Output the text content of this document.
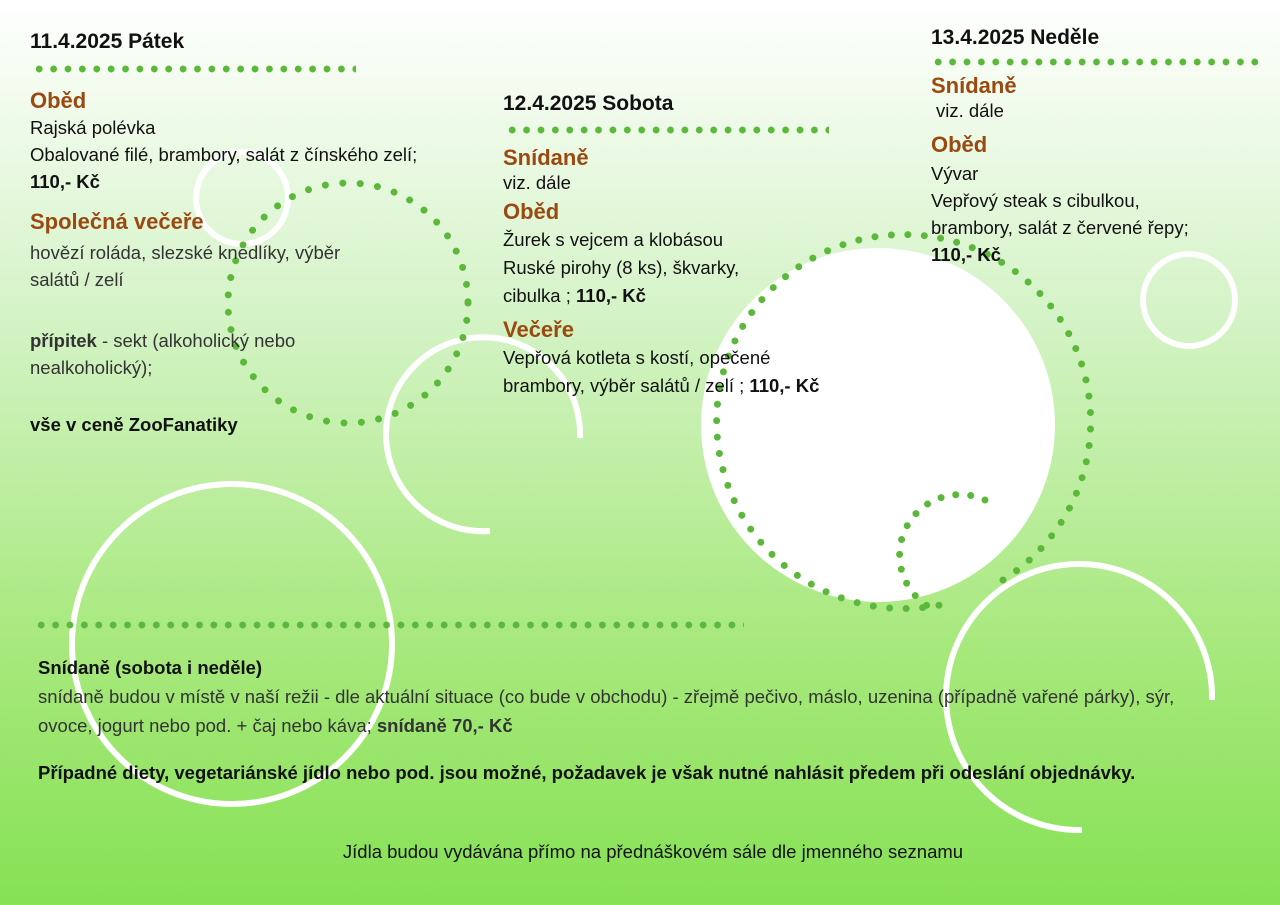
11.4.2025 Pátek
Oběd
Rajská polévka
Obalované filé, brambory, salát z čínského zelí; 110,- Kč
Společná večeře
hovězí roláda, slezské knedlíky, výběr
salátů / zelí
přípitek - sekt (alkoholický nebo
nealkoholický);
vše v ceně ZooFanatiky
12.4.2025 Sobota
Snídaně
viz. dále
Oběd
Žurek s vejcem a klobásou
Ruské pirohy (8 ks), škvarky,
cibulka ; 110,- Kč
Večeře
Vepřová kotleta s kostí, opečené
brambory, výběr salátů / zelí ; 110,- Kč
13.4.2025 Neděle
Snídaně
viz. dále
Oběd
Vývar
Vepřový steak s cibulkou,
brambory, salát z červené řepy;
110,- Kč
Snídaně (sobota i neděle)
snídaně budou v místě v naší režii - dle aktuální situace (co bude v obchodu) - zřejmě pečivo, máslo, uzenina (případně vařené párky), sýr, ovoce, jogurt nebo pod. + čaj nebo káva; snídaně 70,- Kč
Případné diety, vegetariánské jídlo nebo pod. jsou možné, požadavek je však nutné nahlásit předem při odeslání objednávky.
Jídla budou vydávána přímo na přednáškovém sále dle jmenného seznamu
